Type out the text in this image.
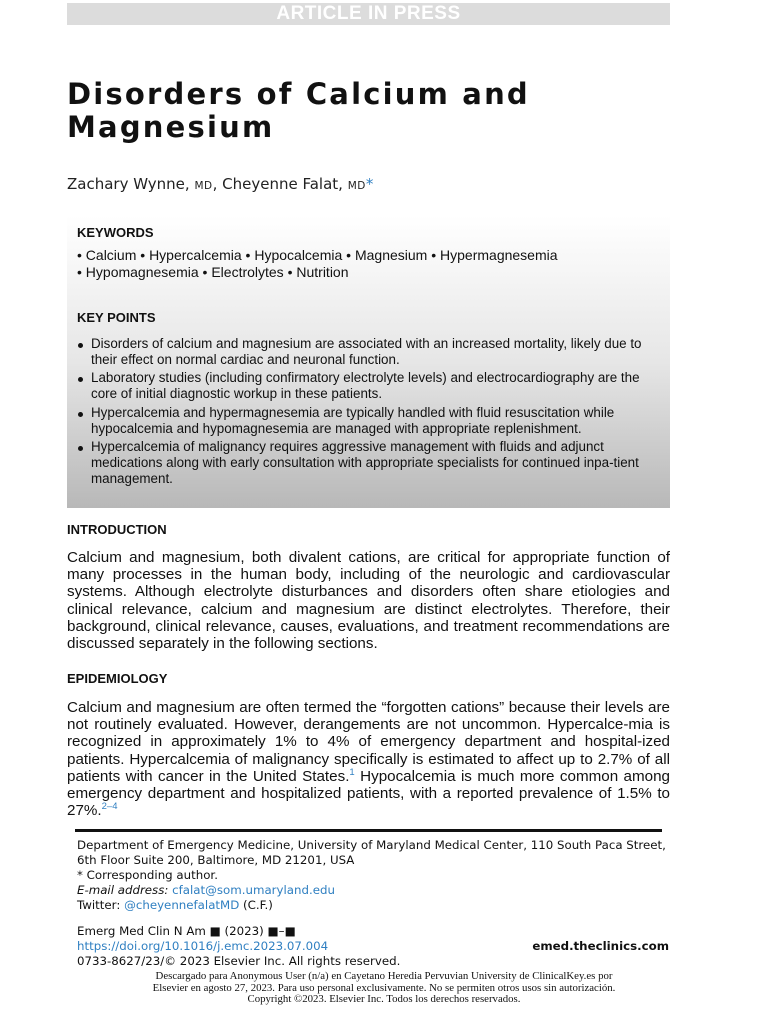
ARTICLE IN PRESS
Disorders of Calcium and Magnesium

Zachary Wynne, MD, Cheyenne Falat, MD*

KEYWORDS

• Calcium • Hypercalcemia • Hypocalcemia • Magnesium • Hypermagnesemia

• Hypomagnesemia • Electrolytes • Nutrition

KEY POINTS
Disorders of calcium and magnesium are associated with an increased mortality, likely due to their effect on normal cardiac and neuronal function.
Laboratory studies (including confirmatory electrolyte levels) and electrocardiography are the core of initial diagnostic workup in these patients.
Hypercalcemia and hypermagnesemia are typically handled with fluid resuscitation while hypocalcemia and hypomagnesemia are managed with appropriate replenishment.
Hypercalcemia of malignancy requires aggressive management with fluids and adjunct medications along with early consultation with appropriate specialists for continued inpa-tient management.
INTRODUCTION

Calcium and magnesium, both divalent cations, are critical for appropriate function of many processes in the human body, including of the neurologic and cardiovascular systems. Although electrolyte disturbances and disorders often share etiologies and clinical relevance, calcium and magnesium are distinct electrolytes. Therefore, their background, clinical relevance, causes, evaluations, and treatment recommendations are discussed separately in the following sections.

EPIDEMIOLOGY

Calcium and magnesium are often termed the “forgotten cations” because their levels are not routinely evaluated. However, derangements are not uncommon. Hypercalce-mia is recognized in approximately 1% to 4% of emergency department and hospital-ized patients. Hypercalcemia of malignancy specifically is estimated to affect up to 2.7% of all patients with cancer in the United States.$^1$ Hypocalcemia is much more common among emergency department and hospitalized patients, with a reported prevalence of 1.5% to 27%.$^{2-4}$

Department of Emergency Medicine, University of Maryland Medical Center, 110 South Paca Street, 6th Floor Suite 200, Baltimore, MD 21201, USA

* Corresponding author.

E-mail address: cfalat@som.umaryland.edu

Twitter: @cheyennefalatMD (C.F.)

Emerg Med Clin N Am ■ (2023) ■–■

https://doi.org/10.1016/j.emc.2023.07.004	emed.theclinics.com

0733-8627/23/© 2023 Elsevier Inc. All rights reserved.

Descargado para Anonymous User (n/a) en Cayetano Heredia Pervuvian University de ClinicalKey.es por Elsevier en agosto 27, 2023. Para uso personal exclusivamente. No se permiten otros usos sin autorización. Copyright ©2023. Elsevier Inc. Todos los derechos reservados.
